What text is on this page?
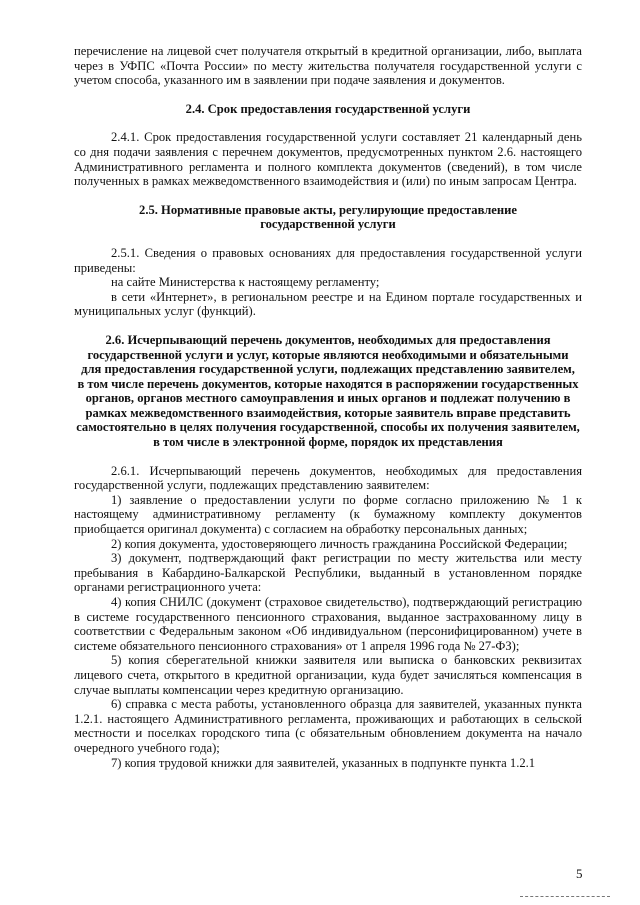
перечисление на лицевой счет получателя открытый в кредитной организации, либо, выплата через в УФПС «Почта России» по месту жительства получателя государственной услуги с учетом способа, указанного им в заявлении при подаче заявления и документов.

2.4. Срок предоставления государственной услуги

2.4.1. Срок предоставления государственной услуги составляет 21 календарный день со дня подачи заявления с перечнем документов, предусмотренных пунктом 2.6. настоящего Административного регламента и полного комплекта документов (сведений), в том числе полученных в рамках межведомственного взаимодействия и (или) по иным запросам Центра.

2.5. Нормативные правовые акты, регулирующие предоставление
государственной услуги

2.5.1. Сведения о правовых основаниях для предоставления государственной услуги приведены:

на сайте Министерства к настоящему регламенту;

в сети «Интернет», в региональном реестре и на Едином портале государственных и муниципальных услуг (функций).

2.6. Исчерпывающий перечень документов, необходимых для предоставления
государственной услуги и услуг, которые являются необходимыми и обязательными
для предоставления государственной услуги, подлежащих представлению заявителем,
в том числе перечень документов, которые находятся в распоряжении государственных
органов, органов местного самоуправления и иных органов и подлежат получению в
рамках межведомственного взаимодействия, которые заявитель вправе представить
самостоятельно в целях получения государственной, способы их получения заявителем,
в том числе в электронной форме, порядок их представления

2.6.1. Исчерпывающий перечень документов, необходимых для предоставления государственной услуги, подлежащих представлению заявителем:

1) заявление о предоставлении услуги по форме согласно приложению № 1 к настоящему административному регламенту (к бумажному комплекту документов приобщается оригинал документа) с согласием на обработку персональных данных;

2) копия документа, удостоверяющего личность гражданина Российской Федерации;

3) документ, подтверждающий факт регистрации по месту жительства или месту пребывания в Кабардино-Балкарской Республики, выданный в установленном порядке органами регистрационного учета:

4) копия СНИЛС (документ (страховое свидетельство), подтверждающий регистрацию в системе государственного пенсионного страхования, выданное застрахованному лицу в соответствии с Федеральным законом «Об индивидуальном (персонифицированном) учете в системе обязательного пенсионного страхования» от 1 апреля 1996 года № 27-ФЗ);

5) копия сберегательной книжки заявителя или выписка о банковских реквизитах лицевого счета, открытого в кредитной организации, куда будет зачисляться компенсация в случае выплаты компенсации через кредитную организацию.

6) справка с места работы, установленного образца для заявителей, указанных пункта 1.2.1. настоящего Административного регламента, проживающих и работающих в сельской местности и поселках городского типа (с обязательным обновлением документа на начало очередного учебного года);

7) копия трудовой книжки для заявителей, указанных в подпункте пункта 1.2.1

5
